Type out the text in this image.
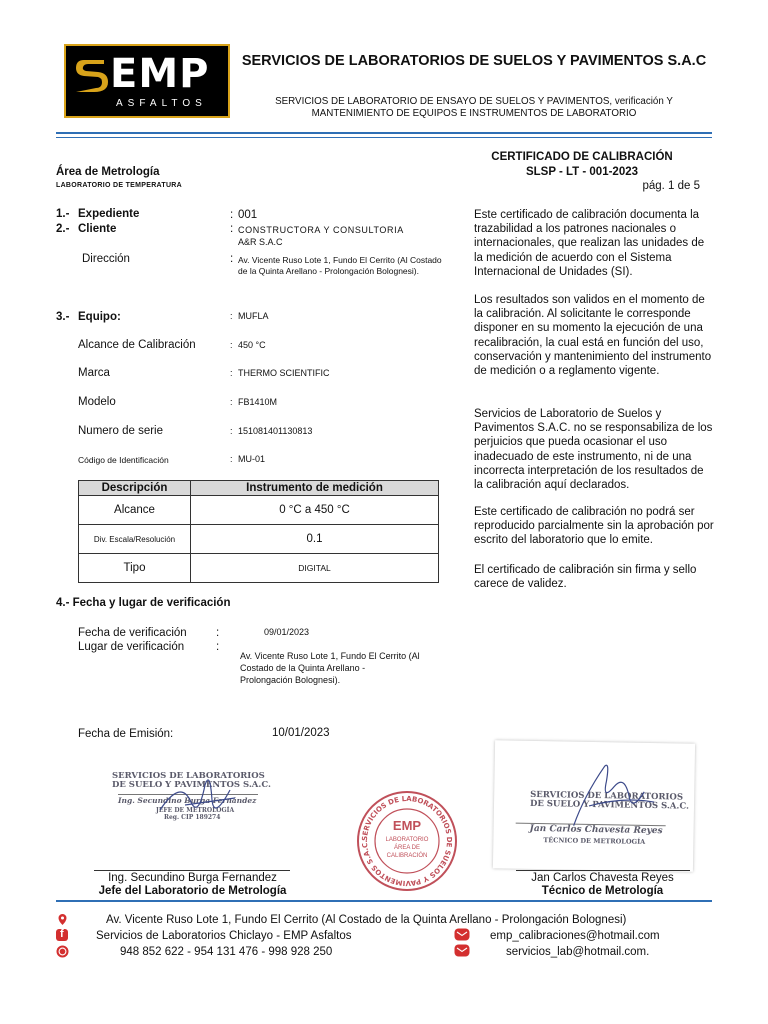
EMP
ASFALTOS
SERVICIOS DE LABORATORIOS DE SUELOS Y PAVIMENTOS S.A.C
SERVICIOS DE LABORATORIO DE ENSAYO DE SUELOS Y PAVIMENTOS, verificación Y MANTENIMIENTO DE EQUIPOS E INSTRUMENTOS DE LABORATORIO
Área de Metrología
LABORATORIO DE TEMPERATURA
CERTIFICADO DE CALIBRACIÓN
SLSP - LT - 001-2023
pág. 1 de 5
1.- Expediente	: 001
2.- Cliente	: CONSTRUCTORA Y CONSULTORIA
A&R S.A.C
Dirección	: Av. Vicente Ruso Lote 1, Fundo El Cerrito (Al Costado de la Quinta Arellano - Prolongación Bolognesi).
3.- Equipo:	: MUFLA
Alcance de Calibración	: 450 °C
Marca	: THERMO SCIENTIFIC
Modelo	: FB1410M
Numero de serie	: 151081401130813
Código de Identificación	: MU-01
Descripción	Instrumento de medición
Alcance	0 °C a 450 °C
Div. Escala/Resolución	0.1
Tipo	DIGITAL
4.- Fecha y lugar de verificación
Fecha de verificación	:	09/01/2023
Lugar de verificación	:
Av. Vicente Ruso Lote 1, Fundo El Cerrito (Al Costado de la Quinta Arellano - Prolongación Bolognesi).
Fecha de Emisión:	10/01/2023
Este certificado de calibración documenta la trazabilidad a los patrones nacionales o internacionales, que realizan las unidades de la medición de acuerdo con el Sistema Internacional de Unidades (SI).
Los resultados son validos en el momento de la calibración. Al solicitante le corresponde disponer en su momento la ejecución de una recalibración, la cual está en función del uso, conservación y mantenimiento del instrumento de medición o a reglamento vigente.
Servicios de Laboratorio de Suelos y Pavimentos S.A.C. no se responsabiliza de los perjuicios que pueda ocasionar el uso inadecuado de este instrumento, ni de una incorrecta interpretación de los resultados de la calibración aquí declarados.
Este certificado de calibración no podrá ser reproducido parcialmente sin la aprobación por escrito del laboratorio que lo emite.
El certificado de calibración sin firma y sello carece de validez.
SERVICIOS DE LABORATORIOS
DE SUELO Y PAVIMENTOS S.A.C.
Ing. Secundino Burga Fernández
JEFE DE METROLOGÍA
Reg. CIP 189274
SERVICIOS DE LABORATORIOS DE SUELOS Y PAVIMENTOS S.A.C.
EMP
LABORATORIO
ÁREA DE
CALIBRACIÓN
SERVICIOS DE LABORATORIOS
DE SUELO Y PAVIMENTOS S.A.C.
Jan Carlos Chavesta Reyes
TÉCNICO DE METROLOGÍA
Ing. Secundino Burga Fernandez
Jefe del Laboratorio de Metrología
Jan Carlos Chavesta Reyes
Técnico de Metrología
Av. Vicente Ruso Lote 1, Fundo El Cerrito (Al Costado de la Quinta Arellano - Prolongación Bolognesi)
f	Servicios de Laboratorios Chiclayo - EMP Asfaltos
948 852 622 - 954 131 476 - 998 928 250
emp_calibraciones@hotmail.com
servicios_lab@hotmail.com.
